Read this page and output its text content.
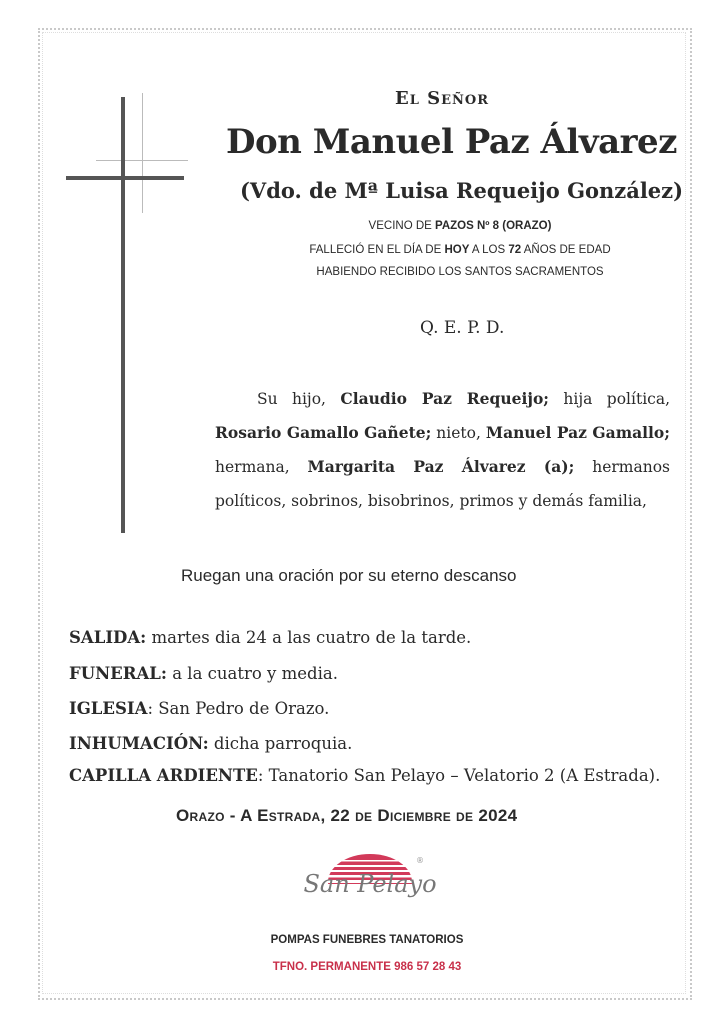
El Señor
Don Manuel Paz Álvarez
(Vdo. de Mª Luisa Requeijo González)
VECINO DE PAZOS Nº 8 (ORAZO)
FALLECIÓ EN EL DÍA DE HOY A LOS 72 AÑOS DE EDAD
HABIENDO RECIBIDO LOS SANTOS SACRAMENTOS
Q. E. P. D.
Su hijo, Claudio Paz Requeijo; hija política, Rosario Gamallo Gañete; nieto, Manuel Paz Gamallo; hermana, Margarita Paz Álvarez (a); hermanos políticos, sobrinos, bisobrinos, primos y demás familia,
Ruegan una oración por su eterno descanso
SALIDA: martes dia 24 a las cuatro de la tarde.
FUNERAL: a la cuatro y media.
IGLESIA: San Pedro de Orazo.
INHUMACIÓN: dicha parroquia.
CAPILLA ARDIENTE: Tanatorio San Pelayo – Velatorio 2 (A Estrada).
Orazo - A Estrada, 22 de Diciembre de 2024
San Pelayo
®
POMPAS FUNEBRES TANATORIOS
TFNO. PERMANENTE 986 57 28 43
